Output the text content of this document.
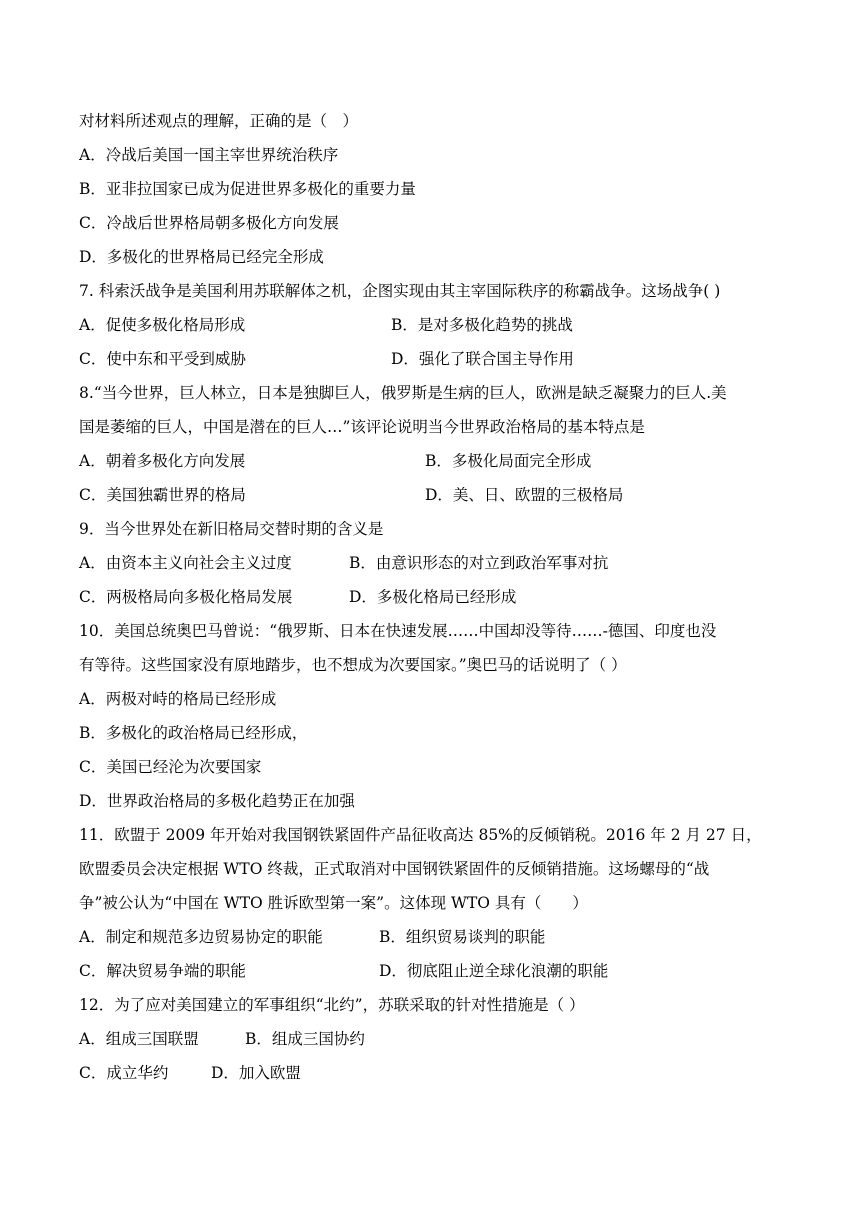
对材料所述观点的理解，正确的是（　）
A．冷战后美国一国主宰世界统治秩序
B．亚非拉国家已成为促进世界多极化的重要力量
C．冷战后世界格局朝多极化方向发展
D．多极化的世界格局已经完全形成
7. 科索沃战争是美国利用苏联解体之机，企图实现由其主宰国际秩序的称霸战争。这场战争( )
A．促使多极化格局形成	B．是对多极化趋势的挑战
C．使中东和平受到威胁	D．强化了联合国主导作用
8.“当今世界，巨人林立，日本是独脚巨人，俄罗斯是生病的巨人，欧洲是缺乏凝聚力的巨人.美
国是萎缩的巨人，中国是潜在的巨人…”该评论说明当今世界政治格局的基本特点是
A．朝着多极化方向发展	B．多极化局面完全形成
C．美国独霸世界的格局	D．美、日、欧盟的三极格局
9．当今世界处在新旧格局交替时期的含义是
A．由资本主义向社会主义过度	B．由意识形态的对立到政治军事对抗
C．两极格局向多极化格局发展	D．多极化格局已经形成
10．美国总统奥巴马曾说：“俄罗斯、日本在快速发展……中国却没等待……-德国、印度也没
有等待。这些国家没有原地踏步，也不想成为次要国家。”奥巴马的话说明了（ ）
A．两极对峙的格局已经形成
B．多极化的政治格局已经形成，
C．美国已经沦为次要国家
D．世界政治格局的多极化趋势正在加强
11．欧盟于 2009 年开始对我国钢铁紧固件产品征收高达 85%的反倾销税。2016 年 2 月 27 日，
欧盟委员会决定根据 WTO 终裁，正式取消对中国钢铁紧固件的反倾销措施。这场螺母的“战
争”被公认为“中国在 WTO 胜诉欧型第一案”。这体现 WTO 具有（　　）
A．制定和规范多边贸易协定的职能	B．组织贸易谈判的职能
C．解决贸易争端的职能	D．彻底阻止逆全球化浪潮的职能
12．为了应对美国建立的军事组织“北约”，苏联采取的针对性措施是（ ）
A．组成三国联盟	B．组成三国协约
C．成立华约	D．加入欧盟
